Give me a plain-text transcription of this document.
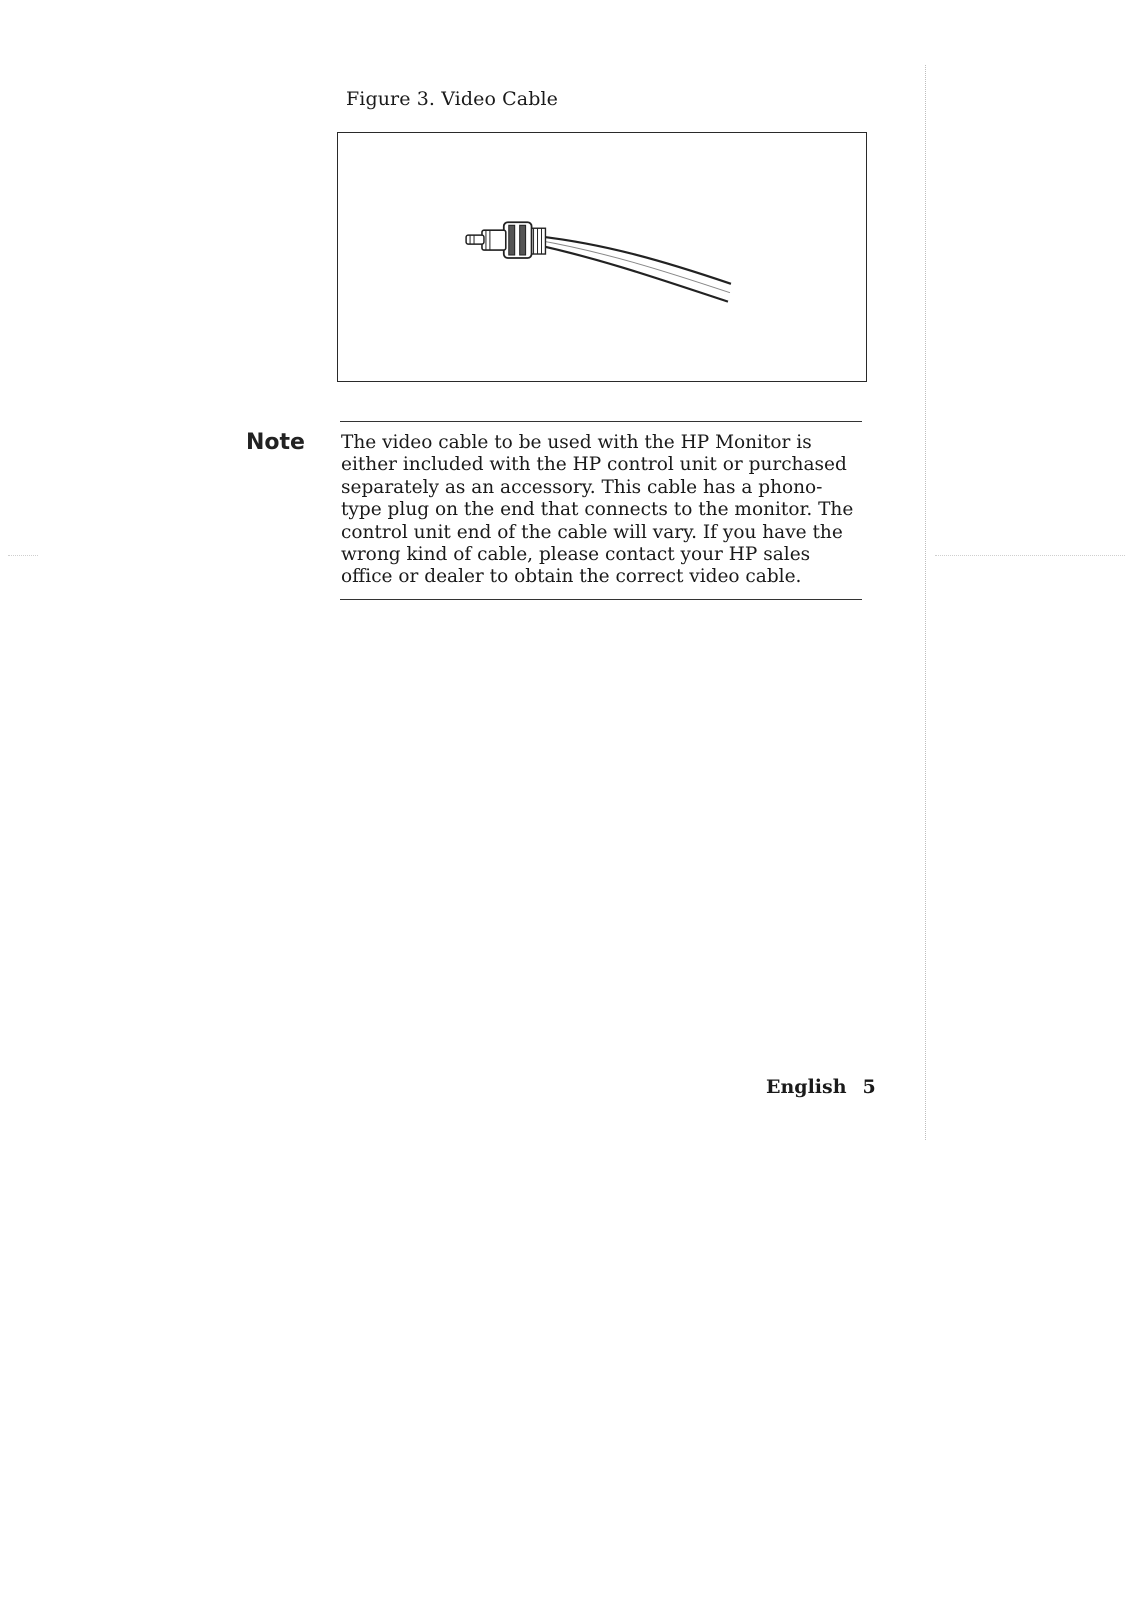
Figure 3. Video Cable
Note The video cable to be used with the HP Monitor is either included with the HP control unit or purchased separately as an accessory. This cable has a phono-type plug on the end that connects to the monitor. The control unit end of the cable will vary. If you have the wrong kind of cable, please contact your HP sales office or dealer to obtain the correct video cable.
English 5
